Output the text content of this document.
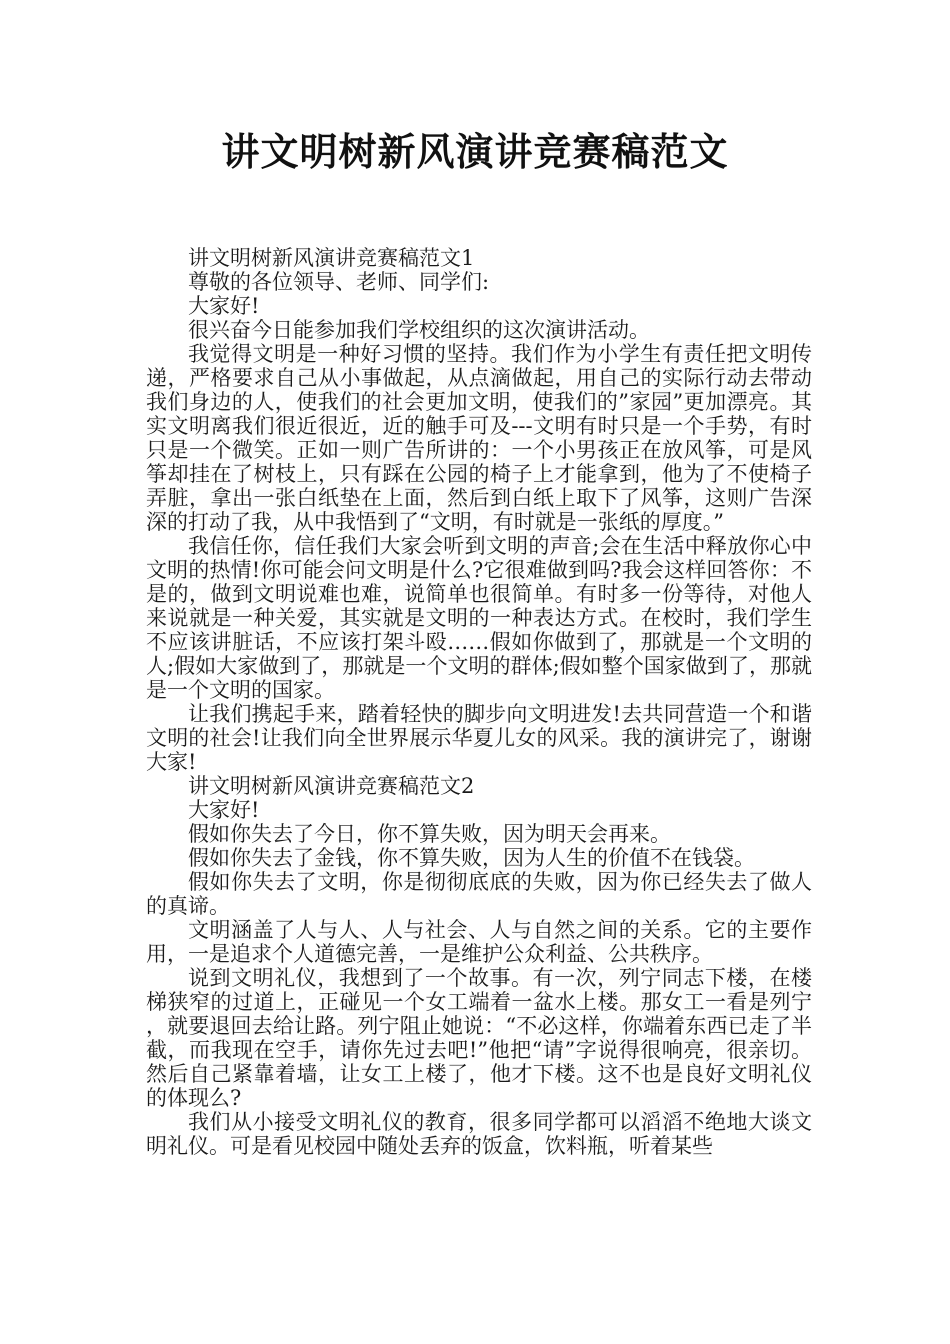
讲文明树新风演讲竞赛稿范文

讲文明树新风演讲竞赛稿范文1

尊敬的各位领导、老师、同学们:

大家好!

很兴奋今日能参加我们学校组织的这次演讲活动。

我觉得文明是一种好习惯的坚持。我们作为小学生有责任把文明传递，严格要求自己从小事做起，从点滴做起，用自己的实际行动去带动我们身边的人，使我们的社会更加文明，使我们的”家园”更加漂亮。其实文明离我们很近很近，近的触手可及---文明有时只是一个手势，有时只是一个微笑。正如一则广告所讲的：一个小男孩正在放风筝，可是风筝却挂在了树枝上，只有踩在公园的椅子上才能拿到，他为了不使椅子弄脏，拿出一张白纸垫在上面，然后到白纸上取下了风筝，这则广告深深的打动了我，从中我悟到了“文明，有时就是一张纸的厚度。”

我信任你，信任我们大家会听到文明的声音;会在生活中释放你心中文明的热情!你可能会问文明是什么?它很难做到吗?我会这样回答你：不是的，做到文明说难也难，说简单也很简单。有时多一份等待，对他人来说就是一种关爱，其实就是文明的一种表达方式。在校时，我们学生不应该讲脏话，不应该打架斗殴……假如你做到了，那就是一个文明的人;假如大家做到了，那就是一个文明的群体;假如整个国家做到了，那就是一个文明的国家。

让我们携起手来，踏着轻快的脚步向文明进发!去共同营造一个和谐文明的社会!让我们向全世界展示华夏儿女的风采。我的演讲完了，谢谢大家!

讲文明树新风演讲竞赛稿范文2

大家好!

假如你失去了今日，你不算失败，因为明天会再来。

假如你失去了金钱，你不算失败，因为人生的价值不在钱袋。

假如你失去了文明，你是彻彻底底的失败，因为你已经失去了做人的真谛。

文明涵盖了人与人、人与社会、人与自然之间的关系。它的主要作用，一是追求个人道德完善，一是维护公众利益、公共秩序。

说到文明礼仪，我想到了一个故事。有一次，列宁同志下楼，在楼梯狭窄的过道上，正碰见一个女工端着一盆水上楼。那女工一看是列宁，就要退回去给让路。列宁阻止她说：“不必这样，你端着东西已走了半截，而我现在空手，请你先过去吧!”他把“请”字说得很响亮，很亲切。然后自己紧靠着墙，让女工上楼了，他才下楼。这不也是良好文明礼仪的体现么?

我们从小接受文明礼仪的教育，很多同学都可以滔滔不绝地大谈文明礼仪。可是看见校园中随处丢弃的饭盒，饮料瓶，听着某些
